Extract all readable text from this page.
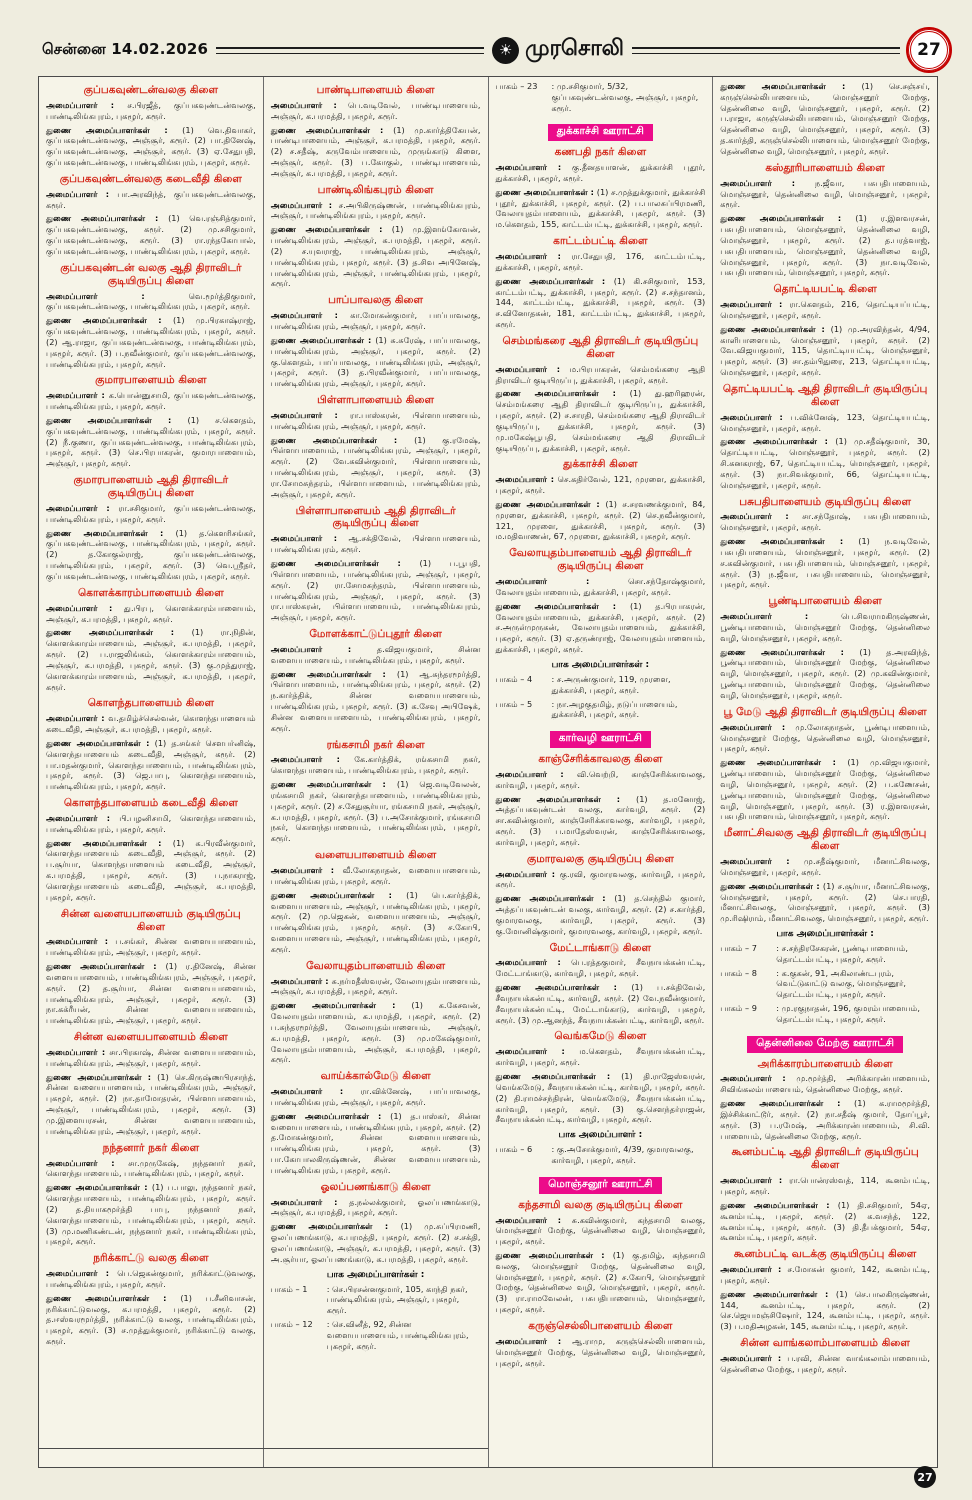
சென்னை 14.02.2026	☀ முரசொலி	27
குப்பகவுண்டன்வலகு கிளை

அமைப்பாளர் : ச.பிரஜீத், குப்பகவுண்டன்வலகு, பாண்டிலிங்கபுரம், புகழூர், கரூர்.

துணை அமைப்பாளர்கள் : (1) வெ.திவாகர், குப்பகவுண்டன்வலகு, அஞ்சூர், கரூர். (2) பா.தினேஷ், குப்பகவுண்டன்வலகு, அஞ்சூர், கரூர். (3) ஏ.சேதுபதி, குப்பகவுண்டன்வலகு, பாண்டிலிங்கபுரம், புகழூர், கரூர்.

குப்பகவுண்டன்வலகு கடைவீதி கிளை

அமைப்பாளர் : பா.அரவிந்த், குப்பகவுண்டன்வலகு, கரூர்.

துணை அமைப்பாளர்கள் : (1) வெ.ரஞ்சித்குமார், குப்பகவுண்டன்வலகு, கரூர். (2) மு.சசிகுமார், குப்பகவுண்டன்வலகு, கரூர். (3) ரா.ரந்தகோபால், குப்பகவுண்டன்வலகு, பாண்டிலிங்கபுரம், புகழூர், கரூர்.

குப்பகவுண்டன் வலகு ஆதி திராவிடர் குடியிருப்பு கிளை

அமைப்பாளர் : வெ.மூர்த்திகுமார், குப்பகவுண்டன்வலகு, பாண்டிலிங்கபுரம், புகழூர், கரூர்.

துணை அமைப்பாளர்கள் : (1) மு.பிரகாஷ்ராஜ், குப்பகவுண்டன்வலகு, பாண்டிலிங்கபுரம், புகழூர், கரூர். (2) ஆ.ராஜா, குப்பகவுண்டன்வலகு, பாண்டிலிங்கபுரம், புகழூர், கரூர். (3) ப.நவீன்குமார், குப்பகவுண்டன்வலகு, பாண்டிலிங்கபுரம், புகழூர், கரூர்.

குமாரபாளையம் கிளை

அமைப்பாளர் : க.பொன்னுசாமி, குப்பகவுண்டன்வலகு, பாண்டிலிங்கபுரம், புகழூர், கரூர்.

துணை அமைப்பாளர்கள் : (1) ச.கௌதம், குப்பகவுண்டன்வலகு, பாண்டிலிங்கபுரம், புகழூர், கரூர். (2) நீ.குணா, குப்பகவுண்டன்வலகு, பாண்டிலிங்கபுரம், புகழூர், கரூர். (3) செ.பிரபாகரன், குமாரபாளையம், அஞ்சூர், புகழூர், கரூர்.

குமாரபாளையம் ஆதி திராவிடர் குடியிருப்பு கிளை

அமைப்பாளர் : ரா.சசிகுமார், குப்பகவுண்டன்வலகு, பாண்டிலிங்கபுரம், புகழூர், கரூர்.

துணை அமைப்பாளர்கள் : (1) த.கௌரிசங்கர், குப்பகவுண்டன்வலகு, பாண்டிலிங்கபுரம், புகழூர், கரூர். (2) த.கோகுல்ராஜ், குப்பகவுண்டன்வலகு, பாண்டிலிங்கபுரம், புகழூர், கரூர். (3) வெ.ஸ்ரீதர், குப்பகவுண்டன்வலகு, பாண்டிலிங்கபுரம், புகழூர், கரூர்.

கொளக்காரம்பாளையம் கிளை

அமைப்பாளர் : து.பிரபு, கொளக்காரம்பாளையம், அஞ்சூர், க.பரமத்தி, புகழூர், கரூர்.

துணை அமைப்பாளர்கள் : (1) ரா.நிதின், கொளக்காரம்பாளையம், அஞ்சூர், க.பரமத்தி, புகழூர், கரூர். (2) ப.ராஜலிங்கம், கொளக்காரம்பாளையம், அஞ்சூர், க.பரமத்தி, புகழூர், கரூர். (3) கு.முத்துராஜ், கொளக்காரம்பாளையம், அஞ்சூர், க.பரமத்தி, புகழூர், கரூர்.

கொளந்தபாளையம் கிளை

அமைப்பாளர் : வ.தமிழ்ச்செல்வன், கொளந்தபாளையம் கடைவீதி, அஞ்சூர், க.பரமத்தி, புகழூர், கரூர்.

துணை அமைப்பாளர்கள் : (1) த.சங்கர் சௌபர்னிஷ், கொளந்தபாளையம் கடைவீதி, அஞ்சூர், கரூர். (2) பா.மதன்குமார், கொளந்தபாளையம், பாண்டிலிங்கபுரம், புகழூர், கரூர். (3) ஜெ.பாபு, கொளந்தபாளையம், பாண்டிலிங்கபுரம், புகழூர், கரூர்.

கொளந்தபாளையம் கடைவீதி கிளை

அமைப்பாளர் : பி.பழனிசாமி, கொளந்தபாளையம், பாண்டிலிங்கபுரம், புகழூர், கரூர்.

துணை அமைப்பாளர்கள் : (1) க.பிரவீன்குமார், கொளந்தபாளையம் கடைவீதி, அஞ்சூர், கரூர். (2) ப.சூர்யா, கொளந்தபாளையம் கடைவீதி, அஞ்சூர், க.பரமத்தி, புகழூர், கரூர். (3) ப.நாகராஜ், கொளந்தபாளையம் கடைவீதி, அஞ்சூர், க.பரமத்தி, புகழூர், கரூர்.

சின்ன வளையபாளையம் குடியிருப்பு கிளை

அமைப்பாளர் : ப.சங்கர், சின்ன வளையபாளையம், பாண்டிலிங்கபுரம், அஞ்சூர், புகழூர், கரூர்.

துணை அமைப்பாளர்கள் : (1) ர.தினேஷ், சின்ன வளையபாளையம், பாண்டிலிங்கபுரம், அஞ்சூர், புகழூர், கரூர். (2) த.சூர்யா, சின்ன வளையபாளையம், பாண்டிலிங்கபுரம், அஞ்சூர், புகழூர், கரூர். (3) நா.கக்ரீயன், சின்ன வளையபாளையம், பாண்டிலிங்கபுரம், அஞ்சூர், புகழூர், கரூர்.

சின்ன வளையபாளையம் கிளை

அமைப்பாளர் : சா.பிரகாஷ், சின்ன வளையபாளையம், பாண்டிலிங்கபுரம், அஞ்சூர், புகழூர், கரூர்.

துணை அமைப்பாளர்கள் : (1) செ.கிருஷ்ணபிரசாந்த், சின்ன வளையபாளையம், பாண்டிலிங்கபுரம், அஞ்சூர், புகழூர், கரூர். (2) நா.தாமோதரன், பிள்ளாபாளையம், அஞ்சூர், பாண்டிலிங்கபுரம், புகழூர், கரூர். (3) மு.இளையரசன், சின்ன வளையபாளையம், பாண்டிலிங்கபுரம், அஞ்சூர், புகழூர், கரூர்.

நந்தனார் நகர் கிளை

அமைப்பாளர் : சா.முருகேஷ், நந்தனார் நகர், கொளந்தபாளையம், பாண்டிலிங்கபுரம், புகழூர், கரூர்.

துணை அமைப்பாளர்கள் : (1) ப.பாலு, நந்தனார் நகர், கொளந்தபாளையம், பாண்டிலிங்கபுரம், புகழூர், கரூர். (2) த.தியாகமூர்த்தி பாபு, நந்தனார் நகர், கொளந்தபாளையம், பாண்டிலிங்கபுரம், புகழூர், கரூர். (3) மு.மணிகண்டன், நந்தனார் நகர், பாண்டிலிங்கபுரம், புகழூர், கரூர்.

நரிக்காட்டு வலகு கிளை

அமைப்பாளர் : பெ.ஜெகன்குமார், நரிக்காட்டுவலகு, பாண்டிலிங்கபுரம், புகழூர், கரூர்.

துணை அமைப்பாளர்கள் : (1) ப.சீனிவாசன், நரிக்காட்டுவலகு, க.பரமத்தி, புகழூர், கரூர். (2) த.ஈஸ்வரமூர்த்தி, நரிக்காட்டு வலகு, பாண்டிலிங்கபுரம், புகழூர், கரூர். (3) ச.முத்துக்குமார், நரிக்காட்டு வலகு, கரூர்.

பாண்டிபாளையம் கிளை

அமைப்பாளர் : பெ.வடிவேல், பாண்டிபாளையம், அஞ்சூர், க.பரமத்தி, புகழூர், கரூர்.

துணை அமைப்பாளர்கள் : (1) மு.கார்த்திகேயன், பாண்டிபாளையம், அஞ்சூர், க.பரமத்தி, புகழூர், கரூர். (2) ச.சதீஷ், கருவேம்பாளையம், முருங்காடு கிளை, அஞ்சூர், கரூர். (3) ப.கோகுல், பாண்டிபாளையம், அஞ்சூர், க.பரமத்தி, புகழூர், கரூர்.

பாண்டிலிங்கபுரம் கிளை

அமைப்பாளர் : ச.அபிகிருஷ்ணன், பாண்டிலிங்கபுரம், அஞ்சூர், பாண்டிலிங்கபுரம், புகழூர், கரூர்.

துணை அமைப்பாளர்கள் : (1) மு.இளங்கோவன், பாண்டிலிங்கபுரம், அஞ்சூர், க.பரமத்தி, புகழூர், கரூர். (2) ச.யுவராஜ், பாண்டிலிங்கபுரம், அஞ்சூர், பாண்டிலிங்கபுரம், புகழூர், கரூர். (3) த.சிவ அபினேஷ், பாண்டிலிங்கபுரம், அஞ்சூர், பாண்டிலிங்கபுரம், புகழூர், கரூர்.

பாப்பாவலகு கிளை

அமைப்பாளர் : கா.மோகன்குமார், பாப்பாவலகு, பாண்டிலிங்கபுரம், அஞ்சூர், புகழூர், கரூர்.

துணை அமைப்பாளர்கள் : (1) சு.சுரேஷ், பாப்பாவலகு, பாண்டிலிங்கபுரம், அஞ்சூர், புகழூர், கரூர். (2) கு.கௌதம், பாப்பாவலகு, பாண்டிலிங்கபுரம், அஞ்சூர், புகழூர், கரூர். (3) த.பிரவீன்குமார், பாப்பாவலகு, பாண்டிலிங்கபுரம், அஞ்சூர், புகழூர், கரூர்.

பிள்ளாபாளையம் கிளை

அமைப்பாளர் : ரா.பாஸ்கரன், பிள்ளாபாளையம், பாண்டிலிங்கபுரம், அஞ்சூர், புகழூர், கரூர்.

துணை அமைப்பாளர்கள் : (1) கு.ரமேஷ், பிள்ளாபாளையம், பாண்டிலிங்கபுரம், அஞ்சூர், புகழூர், கரூர். (2) வே.கவின்குமார், பிள்ளாபாளையம், பாண்டிலிங்கபுரம், அஞ்சூர், புகழூர், கரூர். (3) ரா.சோமசுந்தரம், பிள்ளாபாளையம், பாண்டிலிங்கபுரம், அஞ்சூர், புகழூர், கரூர்.

பிள்ளாபாளையம் ஆதி திராவிடர் குடியிருப்பு கிளை

அமைப்பாளர் : ஆ.சக்திவேல், பிள்ளாபாளையம், பாண்டிலிங்கபுரம், கரூர்.

துணை அமைப்பாளர்கள் : (1) ப.பூபதி, பிள்ளாபாளையம், பாண்டிலிங்கபுரம், அஞ்சூர், புகழூர், கரூர். (2) ரா.சோமசுந்தரம், பிள்ளாபாளையம், பாண்டிலிங்கபுரம், அஞ்சூர், புகழூர், கரூர். (3) ரா.பாஸ்கரன், பிள்ளாபாளையம், பாண்டிலிங்கபுரம், அஞ்சூர், புகழூர், கரூர்.

மோளக்காட்டுப்புதூர் கிளை

அமைப்பாளர் : த.விஜயகுமார், சின்ன வளையபாளையம், பாண்டிலிங்கபுரம், புகழூர், கரூர்.

துணை அமைப்பாளர்கள் : (1) ஆ.சுந்தரமூர்த்தி, பிள்ளாபாளையம், பாண்டிலிங்கபுரம், புகழூர், கரூர். (2) ந.கார்த்திக், சின்ன வளையபாளையம், பாண்டிலிங்கபுரம், புகழூர், கரூர். (3) க.சேவு அபிஷேக், சின்ன வளையபாளையம், பாண்டிலிங்கபுரம், புகழூர், கரூர்.

ரங்கசாமி நகர் கிளை

அமைப்பாளர் : கே.கார்த்திக், ரங்கசாமி நகர், கொளந்தபாளையம், பாண்டிலிங்கபுரம், புகழூர், கரூர்.

துணை அமைப்பாளர்கள் : (1) ஜெ.வடிவேலன், ரங்கசாமி நகர், கொளந்தபாளையம், பாண்டிலிங்கபுரம், புகழூர், கரூர். (2) ச.சேதுசூர்யா, ரங்கசாமி நகர், அஞ்சூர், க.பரமத்தி, புகழூர், கரூர். (3) ப.அசோக்குமார், ரங்கசாமி நகர், கொளந்தபாளையம், பாண்டிலிங்கபுரம், புகழூர், கரூர்.

வளையபாளையம் கிளை

அமைப்பாளர் : வீ.லோகநாதன், வளையபாளையம், பாண்டிலிங்கபுரம், புகழூர், கரூர்.

துணை அமைப்பாளர்கள் : (1) பெ.கார்த்திக், வளையபாளையம், அஞ்சூர், பாண்டிலிங்கபுரம், புகழூர், கரூர். (2) மு.ஜெகன், வளையபாளையம், அஞ்சூர், பாண்டிலிங்கபுரம், புகழூர், கரூர். (3) ச.கோபி, வளையபாளையம், அஞ்சூர், பாண்டிலிங்கபுரம், புகழூர், கரூர்.

வேலாயுதம்பாளையம் கிளை

அமைப்பாளர் : சு.நர்மதீஸ்வரன், வேலாயுதம்பாளையம், அஞ்சூர், க.பரமத்தி, புகழூர், கரூர்.

துணை அமைப்பாளர்கள் : (1) க.கேசவன், வேலாயுதம்பாளையம், க.பரமத்தி, புகழூர், கரூர். (2) ப.சுந்தரமூர்த்தி, வேலாயுதம்பாளையம், அஞ்சூர், க.பரமத்தி, புகழூர், கரூர். (3) மு.மகேஷ்குமார், வேலாயுதம்பாளையம், அஞ்சூர், க.பரமத்தி, புகழூர், கரூர்.

வாய்க்கால்மேடு கிளை

அமைப்பாளர் : ரா.விக்னேஷ், பாப்பாவலகு, பாண்டிலிங்கபுரம், அஞ்சூர், புகழூர், கரூர்.

துணை அமைப்பாளர்கள் : (1) த.பாஸ்கர், சின்ன வளையபாளையம், பாண்டிலிங்கபுரம், புகழூர், கரூர். (2) த.மோகன்குமார், சின்ன வளையபாளையம், பாண்டிலிங்கபுரம், புகழூர், கரூர். (3) பா.கோபாலகிருஷ்ணன், சின்ன வளையபாளையம், பாண்டிலிங்கபுரம், புகழூர், கரூர்.

ஓலப்பணங்காடு கிளை

அமைப்பாளர் : த.நல்லக்குமார், ஓலப்பணங்காடு, அஞ்சூர், க.பரமத்தி, புகழூர், கரூர்.

துணை அமைப்பாளர்கள் : (1) மு.சுப்பிரமணி, ஓலப்பணங்காடு, க.பரமத்தி, புகழூர், கரூர். (2) ச.சக்தி, ஓலப்பணங்காடு, அஞ்சூர், க.பரமத்தி, புகழூர், கரூர். (3) அ.சூர்யா, ஓலப்பணங்காடு, க.பரமத்தி, புகழூர், கரூர்.

பாக அமைப்பாளர்கள் :
பாகம் – 1	: செ.பிரசன்னகுமார், 105, காந்தி நகர், பாண்டிலிங்கபுரம், அஞ்சூர், புகழூர், கரூர்.
பாகம் – 12	: செ.வினீத், 92, சின்ன வளையபாளையம், பாண்டிலிங்கபுரம், புகழூர், கரூர்.
பாகம் – 23	: மு.சசிகுமார், 5/32, குப்பகவுண்டன்வலகு, அஞ்சூர், புகழூர், கரூர்.
துக்காச்சி ஊராட்சி
கணபதி நகர் கிளை

அமைப்பாளர் : கு.தீனதயாளன், துக்காச்சி புதூர், துக்காச்சி, புகழூர், கரூர்.

துணை அமைப்பாளர்கள் : (1) ச.முத்துக்குமார், துக்காச்சி புதூர், துக்காச்சி, புகழூர், கரூர். (2) ப.பாலசுப்பிரமணி, வேலாயுதம்பாளையம், துக்காச்சி, புகழூர், கரூர். (3) ம.கௌதம், 155, காட்டம்பட்டி, துக்காச்சி, புகழூர், கரூர்.

காட்டம்பட்டி கிளை

அமைப்பாளர் : ரா.சேதுபதி, 176, காட்டம்பட்டி, துக்காச்சி, புகழூர், கரூர்.

துணை அமைப்பாளர்கள் : (1) கி.சசிகுமார், 153, காட்டம்பட்டி, துக்காச்சி, புகழூர், கரூர். (2) ச.சந்தானம், 144, காட்டம்பட்டி, துக்காச்சி, புகழூர், கரூர். (3) ச.வினோதகன், 181, காட்டம்பட்டி, துக்காச்சி, புகழூர், கரூர்.

செம்மங்கரை ஆதி திராவிடர் குடியிருப்பு கிளை

அமைப்பாளர் : ம.பிரபாகரன், செம்மங்கரை ஆதி திராவிடர் குடியிருப்பு, துக்காச்சி, புகழூர், கரூர்.

துணை அமைப்பாளர்கள் : (1) து.ஹரிஹரன், செம்மங்கரை ஆதி திராவிடர் குடியிருப்பு, துக்காச்சி, புகழூர், கரூர். (2) ச.சாரதி, செம்மங்கரை ஆதி திராவிடர் குடியிருப்பு, துக்காச்சி, புகழூர், கரூர். (3) மு.மகேஷ்பூபதி, செம்மங்கரை ஆதி திராவிடர் குடியிருப்பு, துக்காச்சி, புகழூர், கரூர்.

துக்காச்சி கிளை

அமைப்பாளர் : செ.கதிர்வேல், 121, முரளை, துக்காச்சி, புகழூர், கரூர்.

துணை அமைப்பாளர்கள் : (1) ச.சரவணக்குமார், 84, முரளை, துக்காச்சி, புகழூர், கரூர். (2) செ.நவீன்குமார், 121, முரளை, துக்காச்சி, புகழூர், கரூர். (3) ம.மதிவாணன், 67, முரளை, துக்காச்சி, புகழூர், கரூர்.

வேலாயுதம்பாளையம் ஆதி திராவிடர் குடியிருப்பு கிளை

அமைப்பாளர் : சொ.சந்தோஷ்குமார், வேலாயுதம்பாளையம், துக்காச்சி, புகழூர், கரூர்.

துணை அமைப்பாளர்கள் : (1) த.பிரபாகரன், வேலாயுதம்பாளையம், துக்காச்சி, புகழூர், கரூர். (2) ச.அருள்முருகன், வேலாயுதம்பாளையம், துக்காச்சி, புகழூர், கரூர். (3) ஏ.தருண்ராஜ், வேலாயுதம்பாளையம், துக்காச்சி, புகழூர், கரூர்.

பாக அமைப்பாளர்கள் :
பாகம் – 4	: ச.அருண்குமார், 119, முரளை, துக்காச்சி, புகழூர், கரூர்.
பாகம் – 5	: நா.அழகுதமிழ், நடுப்பாளையம், துக்காச்சி, புகழூர், கரூர்.
கார்வழி ஊராட்சி
காஞ்சேரிக்காவலகு கிளை

அமைப்பாளர் : வி.வெற்றி, காஞ்சேரிக்காவலகு, கார்வழி, புகழூர், கரூர்.

துணை அமைப்பாளர்கள் : (1) த.மனோஜ், அத்தப்பகவுண்டன் வலகு, கார்வழி, கரூர். (2) சா.கவின்குமார், காஞ்சேரிக்காவலகு, கார்வழி, புகழூர், கரூர். (3) ப.மாதேஸ்வரன், காஞ்சேரிக்காவலகு, கார்வழி, புகழூர், கரூர்.

குமாரவலகு குடியிருப்பு கிளை

அமைப்பாளர் : கு.ரவி, குமாரவலகு, கார்வழி, புகழூர், கரூர்.

துணை அமைப்பாளர்கள் : (1) த.செந்தில் குமார், அத்தப்பகவுண்டன் வலகு, கார்வழி, கரூர். (2) ச.கார்த்தி, குமாரவலகு, கார்வழி, புகழூர், கரூர். (3) கு.மோனிஷ்குமார், குமாரவலகு, கார்வழி, புகழூர், கரூர்.

மேட்டாங்காடு கிளை

அமைப்பாளர் : பெ.ரத்தகுமார், சீவநாயக்கன்பட்டி, மேட்டாங்காடு, கார்வழி, புகழூர், கரூர்.

துணை அமைப்பாளர்கள் : (1) ப.சக்திவேல், சீவநாயக்கன்பட்டி, கார்வழி, கரூர். (2) வே.நவீன்குமார், சீவநாயக்கன்பட்டி, மேட்டாங்காடு, கார்வழி, புகழூர், கரூர். (3) மு.ஆனந்த், சீவநாயக்கன்பட்டி, கார்வழி, கரூர்.

வெங்கமேடு கிளை

அமைப்பாளர் : ம.கௌதம், சீவநாயக்கன்பட்டி, கார்வழி, புகழூர், கரூர்.

துணை அமைப்பாளர்கள் : (1) தி.ராஜேஸ்வரன், வெங்கமேடு, சீவநாயக்கன்பட்டி, கார்வழி, புகழூர், கரூர். (2) தி.ராமச்சந்திரன், வெங்கமேடு, சீவநாயக்கன்பட்டி, கார்வழி, புகழூர், கரூர். (3) கு.சௌந்தர்ராஜன், சீவநாயக்கன்பட்டி, கார்வழி, புகழூர், கரூர்.

பாக அமைப்பாளர் :
பாகம் – 6	: கு.அசோக்குமார், 4/39, குமாரவலகு, கார்வழி, புகழூர், கரூர்.
மொஞ்சனூர் ஊராட்சி
கந்தசாமி வலகு குடியிருப்பு கிளை

அமைப்பாளர் : சு.கவின்குமார், கந்தசாமி வலகு, மொஞ்சனூர் மேற்கு, தென்னிலை வழி, மொஞ்சனூர், புகழூர், கரூர்.

துணை அமைப்பாளர்கள் : (1) கு.தமிழ், கந்தசாமி வலகு, மொஞ்சனூர் மேற்கு, தென்னிலை வழி, மொஞ்சனூர், புகழூர், கரூர். (2) ச.கோபி, மொஞ்சனூர் மேற்கு, தென்னிலை வழி, மொஞ்சனூர், புகழூர், கரூர். (3) ரா.ராமவேலன், பசுபதிபாளையம், மொஞ்சனூர், புகழூர், கரூர்.

கருஞ்செல்லிபாளையம் கிளை

அமைப்பாளர் : ஆ.ராமு, கருஞ்செல்லிபாளையம், மொஞ்சனூர் மேற்கு, தென்னிலை வழி, மொஞ்சனூர், புகழூர், கரூர்.

துணை அமைப்பாளர்கள் : (1) செ.சஞ்சய், கருஞ்செல்லிபாளையம், மொஞ்சனூர் மேற்கு, தென்னிலை வழி, மொஞ்சனூர், புகழூர், கரூர். (2) ப.ராஜா, கருஞ்செல்லிபாளையம், மொஞ்சனூர் மேற்கு, தென்னிலை வழி, மொஞ்சனூர், புகழூர், கரூர். (3) த.கார்த்தி, கருஞ்செல்லிபாளையம், மொஞ்சனூர் மேற்கு, தென்னிலை வழி, மொஞ்சனூர், புகழூர், கரூர்.

கஸ்தூரிபாளையம் கிளை

அமைப்பாளர் : ந.ஜீவா, பசுபதிபாளையம், மொஞ்சனூர், தென்னிலை வழி, மொஞ்சனூர், புகழூர், கரூர்.

துணை அமைப்பாளர்கள் : (1) ர.இளவரசன், பசுபதிபாளையம், மொஞ்சனூர், தென்னிலை வழி, மொஞ்சனூர், புகழூர், கரூர். (2) த.பரத்வாஜ், பசுபதிபாளையம், மொஞ்சனூர், தென்னிலை வழி, மொஞ்சனூர், புகழூர், கரூர். (3) நா.வடிவேல், பசுபதிபாளையம், மொஞ்சனூர், புகழூர், கரூர்.

தொட்டியபட்டி கிளை

அமைப்பாளர் : ரா.கௌதம், 216, தொட்டியப்பட்டி, மொஞ்சனூர், புகழூர், கரூர்.

துணை அமைப்பாளர்கள் : (1) மு.அரவிந்தன், 4/94, காளிபாளையம், மொஞ்சனூர், புகழூர், கரூர். (2) வே.விஜயகுமார், 115, தொட்டியபட்டி, மொஞ்சனூர், புகழூர், கரூர். (3) சா.தம்பிதுரை, 213, தொட்டியபட்டி, மொஞ்சனூர், புகழூர், கரூர்.

தொட்டியபட்டி ஆதி திராவிடர் குடியிருப்பு கிளை

அமைப்பாளர் : ப.விக்னேஷ், 123, தொட்டியபட்டி, மொஞ்சனூர், புகழூர், கரூர்.

துணை அமைப்பாளர்கள் : (1) மு.சதீஷ்குமார், 30, தொட்டியபட்டி, மொஞ்சனூர், புகழூர், கரூர். (2) சி.கனகராஜ், 67, தொட்டியபட்டி, மொஞ்சனூர், புகழூர், கரூர். (3) நா.சிவக்குமார், 66, தொட்டியபட்டி, மொஞ்சனூர், புகழூர், கரூர்.

பசுபதிபாளையம் குடியிருப்பு கிளை

அமைப்பாளர் : சா.சந்தோஷ், பசுபதிபாளையம், மொஞ்சனூர், புகழூர், கரூர்.

துணை அமைப்பாளர்கள் : (1) ந.வடிவேல், பசுபதிபாளையம், மொஞ்சனூர், புகழூர், கரூர். (2) ச.கவின்குமார், பசுபதிபாளையம், மொஞ்சனூர், புகழூர், கரூர். (3) ந.ஜீவா, பசுபதிபாளையம், மொஞ்சனூர், புகழூர், கரூர்.

பூண்டிபாளையம் கிளை

அமைப்பாளர் : பெ.சிவராமகிருஷ்ணன், பூண்டிபாளையம், மொஞ்சனூர் மேற்கு, தென்னிலை வழி, மொஞ்சனூர், புகழூர், கரூர்.

துணை அமைப்பாளர்கள் : (1) த.அரவிந்த், பூண்டிபாளையம், மொஞ்சனூர் மேற்கு, தென்னிலை வழி, மொஞ்சனூர், புகழூர், கரூர். (2) மு.கவின்குமார், பூண்டிபாளையம், மொஞ்சனூர் மேற்கு, தென்னிலை வழி, மொஞ்சனூர், புகழூர், கரூர்.

பூ மேடு ஆதி திராவிடர் குடியிருப்பு கிளை

அமைப்பாளர் : மு.லோகநாதன், பூண்டிபாளையம், மொஞ்சனூர் மேற்கு, தென்னிலை வழி, மொஞ்சனூர், புகழூர், கரூர்.

துணை அமைப்பாளர்கள் : (1) மு.விஜயகுமார், பூண்டிபாளையம், மொஞ்சனூர் மேற்கு, தென்னிலை வழி, மொஞ்சனூர், புகழூர், கரூர். (2) ப.கணேசன், பூண்டிபாளையம், மொஞ்சனூர் மேற்கு, தென்னிலை வழி, மொஞ்சனூர், புகழூர், கரூர். (3) ர.இளவரசன், பசுபதிபாளையம், மொஞ்சனூர், புகழூர், கரூர்.

மீனாட்சிவலகு ஆதி திராவிடர் குடியிருப்பு கிளை

அமைப்பாளர் : மு.சதீஷ்குமார், மீனாட்சிவலகு, மொஞ்சனூர், புகழூர், கரூர்.

துணை அமைப்பாளர்கள் : (1) ச.சூர்யா, மீனாட்சிவலகு, மொஞ்சனூர், புகழூர், கரூர். (2) செ.பாரதி, மீனாட்சிவலகு, மொஞ்சனூர், புகழூர், கரூர். (3) மு.ரிஷிராம், மீனாட்சிவலகு, மொஞ்சனூர், புகழூர், கரூர்.

பாக அமைப்பாளர்கள் :
பாகம் – 7	: ச.சந்திரசேகரன், பூண்டிபாளையம், தொட்டம்பட்டி, புகழூர், கரூர்.
பாகம் – 8	: க.குகன், 91, அகிலாண்டபுரம், வெட்டுகாட்டு வலகு, மொஞ்சனூர், தொட்டம்பட்டி, புகழூர், கரூர்.
பாகம் – 9	: மு.ரகுநாதன், 196, குமரம்பாளையம், தொட்டம்பட்டி, புகழூர், கரூர்.
தென்னிலை மேற்கு ஊராட்சி
அரிக்காரம்பாளையம் கிளை

அமைப்பாளர் : மு.மூர்த்தி, அரிக்காரன்பாளையம், சிவிங்கலம்பாளையம், தென்னிலை மேற்கு, கரூர்.

துணை அமைப்பாளர்கள் : (1) க.ராமமூர்த்தி, இச்சிக்காட்டூர், கரூர். (2) நா.சதீஷ் குமார், தோப்பூர், கரூர். (3) ப.ரமேஷ், அரிக்காரன்பாளையம், சி.வி. பாளையம், தென்னிலை மேற்கு, கரூர்.

கூனம்பட்டி ஆதி திராவிடர் குடியிருப்பு கிளை

அமைப்பாளர் : ரா.பொன்ரஸ்வத், 114, கூனம்பட்டி, புகழூர், கரூர்.

துணை அமைப்பாளர்கள் : (1) தி.சசிகுமார், 54ஏ, கூனம்பட்டி, புகழூர், கரூர். (2) க.வசந்த், 122, கூனம்பட்டி, புகழூர், கரூர். (3) தி.தீபக்குமார், 54ஏ, கூனம்பட்டி, புகழூர், கரூர்.

கூனம்பட்டி வடக்கு குடியிருப்பு கிளை

அமைப்பாளர் : ச.மோகன் குமார், 142, கூனம்பட்டி, புகழூர், கரூர்.

துணை அமைப்பாளர்கள் : (1) செ.பாலகிருஷ்ணன், 144, கூனம்பட்டி, புகழூர், கரூர். (2) செ.ஜெயமஞ்சிஷோர், 124, கூனம்பட்டி, புகழூர், கரூர். (3) ப.மதிஅழகன், 145, கூனம்பட்டி, புகழூர், கரூர்.

சின்ன வாங்கலாம்பாளையம் கிளை

அமைப்பாளர் : ப.ரவி, சின்ன வாங்கலாம்பாளையம், தென்னிலை மேற்கு, புகழூர், கரூர்.

27
